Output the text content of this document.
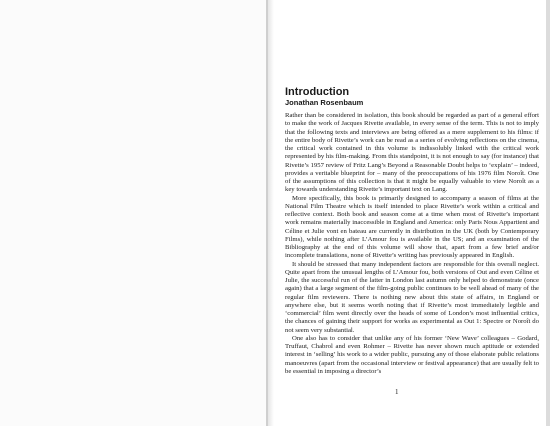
Introduction
Jonathan Rosenbaum

Rather than be considered in isolation, this book should be regarded as part of a general effort to make the work of Jacques Rivette available, in every sense of the term. This is not to imply that the following texts and interviews are being offered as a mere supplement to his films: if the entire body of Rivette’s work can be read as a series of evolving reflections on the cinema, the critical work contained in this volume is indissolubly linked with the critical work represented by his film-making. From this standpoint, it is not enough to say (for instance) that Rivette’s 1957 review of Fritz Lang’s Beyond a Reasonable Doubt helps to ‘explain’ – indeed, provides a veritable blueprint for – many of the preoccupations of his 1976 film Noroît. One of the assumptions of this collection is that it might be equally valuable to view Noroît as a key towards understanding Rivette’s important text on Lang.

More specifically, this book is primarily designed to accompany a season of films at the National Film Theatre which is itself intended to place Rivette’s work within a critical and reflective context. Both book and season come at a time when most of Rivette’s important work remains materially inaccessible in England and America: only Paris Nous Appartient and Céline et Julie vont en bateau are currently in distribution in the UK (both by Contemporary Films), while nothing after L’Amour fou is available in the US; and an examination of the Bibliography at the end of this volume will show that, apart from a few brief and/or incomplete translations, none of Rivette’s writing has previously appeared in English.

It should be stressed that many independent factors are responsible for this overall neglect. Quite apart from the unusual lengths of L’Amour fou, both versions of Out and even Céline et Julie, the successful run of the latter in London last autumn only helped to demonstrate (once again) that a large segment of the film-going public continues to be well ahead of many of the regular film reviewers. There is nothing new about this state of affairs, in England or anywhere else, but it seems worth noting that if Rivette’s most immediately legible and ‘commercial’ film went directly over the heads of some of London’s most influential critics, the chances of gaining their support for works as experimental as Out 1: Spectre or Noroît do not seem very substantial.

One also has to consider that unlike any of his former ‘New Wave’ colleagues – Godard, Truffaut, Chabrol and even Rohmer – Rivette has never shown much aptitude or extended interest in ‘selling’ his work to a wider public, pursuing any of those elaborate public relations manoeuvres (apart from the occasional interview or festival appearance) that are usually felt to be essential in imposing a director’s

1
